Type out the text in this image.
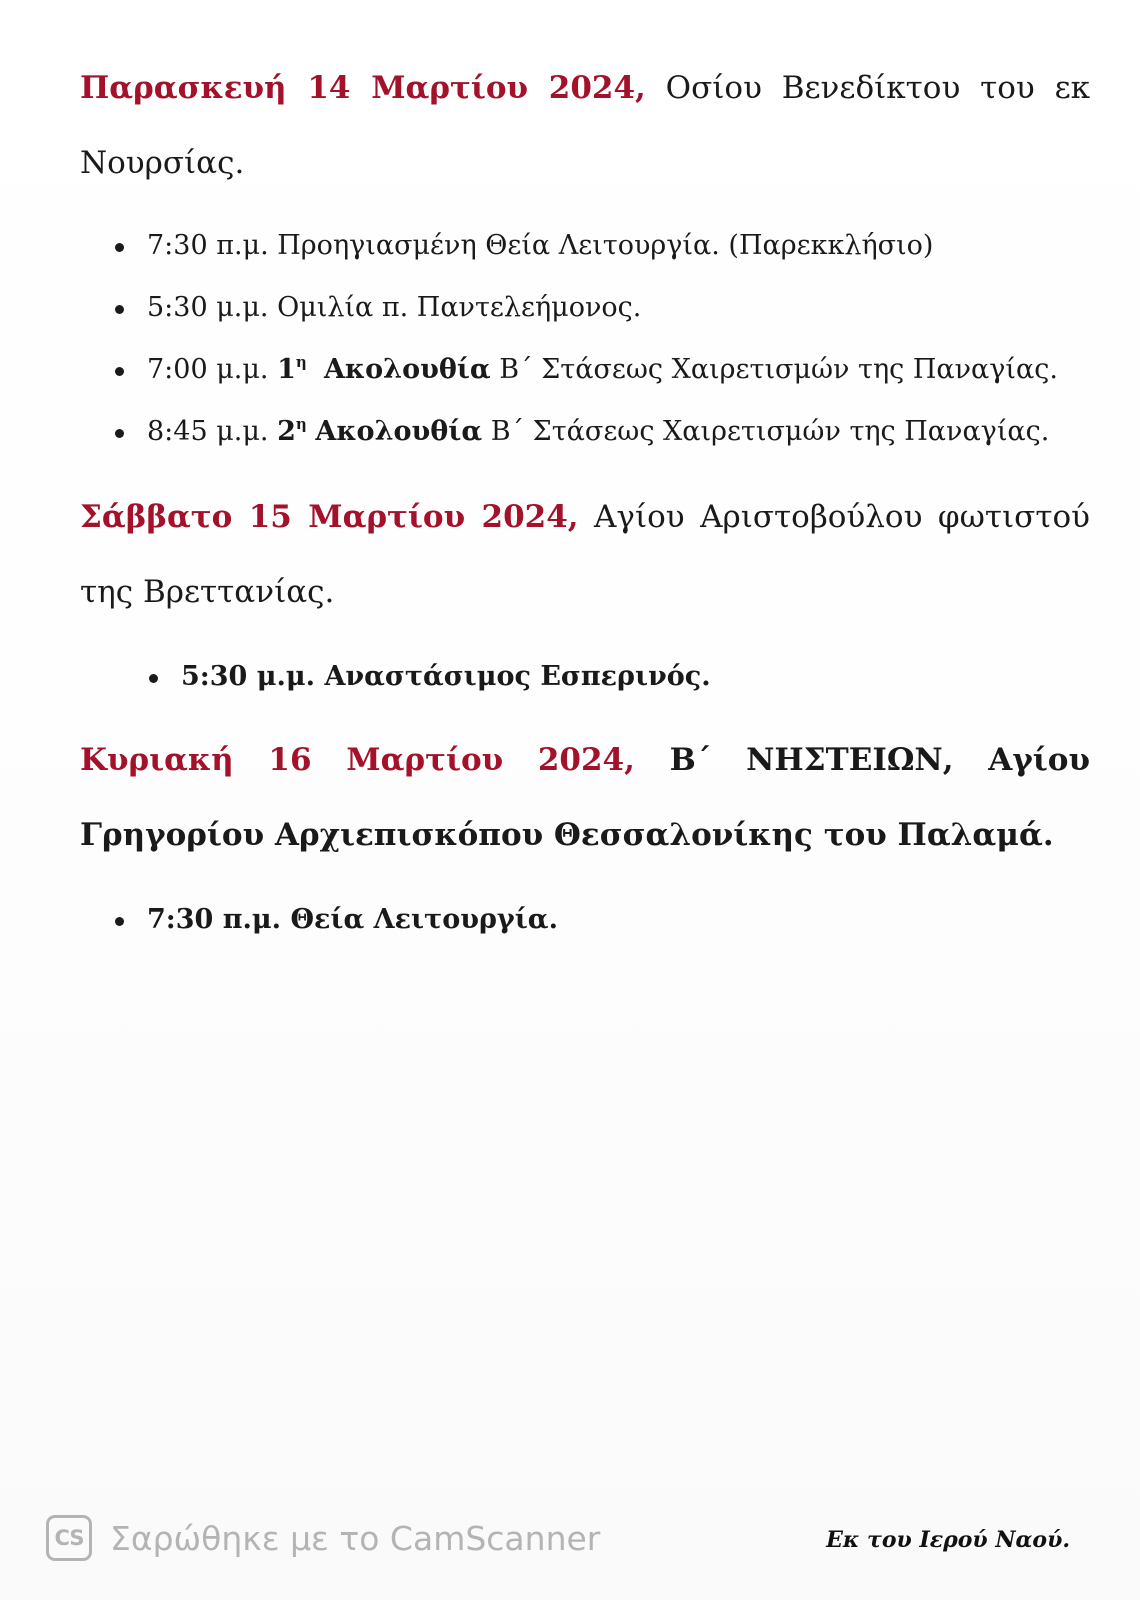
Παρασκευή 14 Μαρτίου 2024, Οσίου Βενεδίκτου του εκ Νουρσίας.

7:30 π.μ. Προηγιασμένη Θεία Λειτουργία. (Παρεκκλήσιο)
5:30 μ.μ. Ομιλία π. Παντελεήμονος.
7:00 μ.μ. $1^\eta$ Ακολουθία Β΄ Στάσεως Χαιρετισμών της Παναγίας.
8:45 μ.μ. $2^\eta$ Ακολουθία Β΄ Στάσεως Χαιρετισμών της Παναγίας.

Σάββατο 15 Μαρτίου 2024, Αγίου Αριστοβούλου φωτιστού της Βρεττανίας.

5:30 μ.μ. Αναστάσιμος Εσπερινός.

Κυριακή 16 Μαρτίου 2024, Β΄ ΝΗΣΤΕΙΩΝ, Αγίου Γρηγορίου Αρχιεπισκόπου Θεσσαλονίκης του Παλαμά.

7:30 π.μ. Θεία Λειτουργία.
CS Σαρώθηκε με το CamScanner	Εκ του Ιερού Ναού.
